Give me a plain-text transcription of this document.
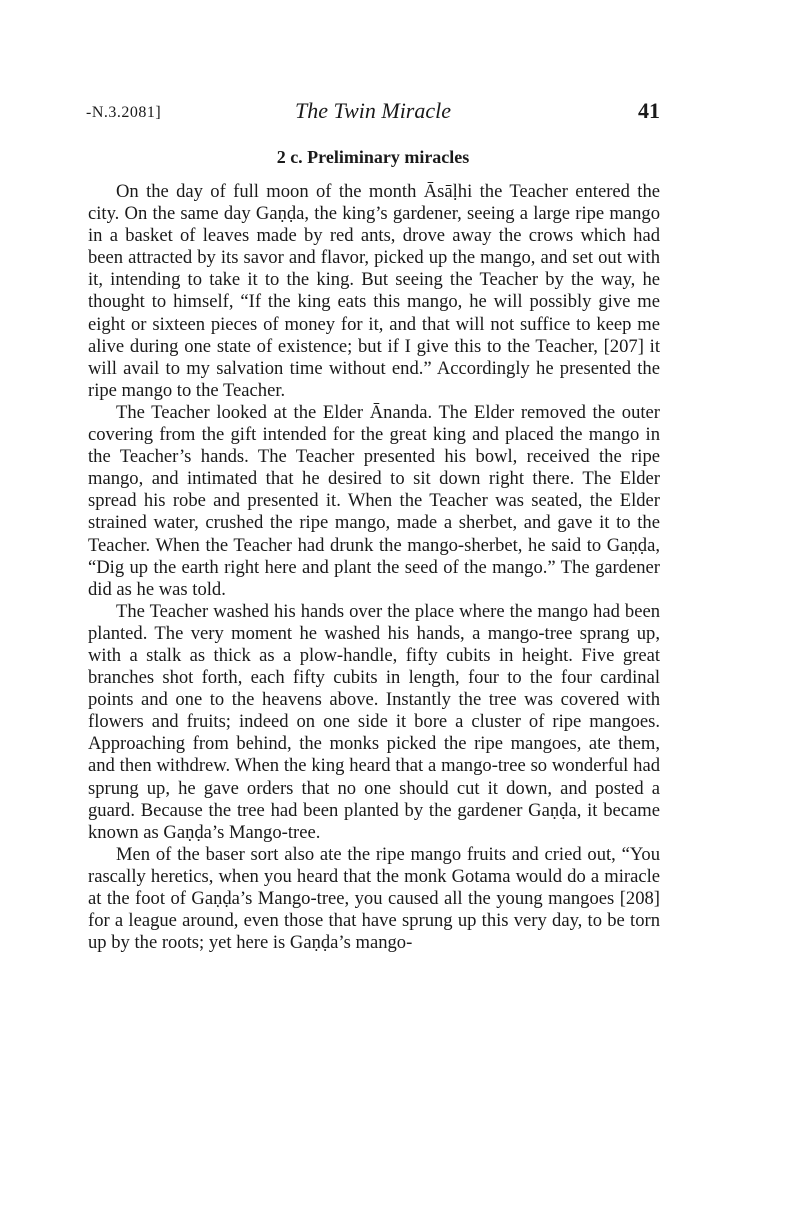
-N.3.2081]	The Twin Miracle	41
2 c. Preliminary miracles

On the day of full moon of the month Āsāḷhi the Teacher entered the city. On the same day Gaṇḍa, the king’s gardener, seeing a large ripe mango in a basket of leaves made by red ants, drove away the crows which had been attracted by its savor and flavor, picked up the mango, and set out with it, intending to take it to the king. But seeing the Teacher by the way, he thought to himself, “If the king eats this mango, he will possibly give me eight or sixteen pieces of money for it, and that will not suffice to keep me alive during one state of existence; but if I give this to the Teacher, [207] it will avail to my salvation time without end.” Accordingly he presented the ripe mango to the Teacher.

The Teacher looked at the Elder Ānanda. The Elder removed the outer covering from the gift intended for the great king and placed the mango in the Teacher’s hands. The Teacher presented his bowl, received the ripe mango, and intimated that he desired to sit down right there. The Elder spread his robe and presented it. When the Teacher was seated, the Elder strained water, crushed the ripe mango, made a sherbet, and gave it to the Teacher. When the Teacher had drunk the mango-sherbet, he said to Gaṇḍa, “Dig up the earth right here and plant the seed of the mango.” The gardener did as he was told.

The Teacher washed his hands over the place where the mango had been planted. The very moment he washed his hands, a mango-tree sprang up, with a stalk as thick as a plow-handle, fifty cubits in height. Five great branches shot forth, each fifty cubits in length, four to the four cardinal points and one to the heavens above. Instantly the tree was covered with flowers and fruits; indeed on one side it bore a cluster of ripe mangoes. Approaching from behind, the monks picked the ripe mangoes, ate them, and then withdrew. When the king heard that a mango-tree so wonderful had sprung up, he gave orders that no one should cut it down, and posted a guard. Because the tree had been planted by the gardener Gaṇḍa, it became known as Gaṇḍa’s Mango-tree.

Men of the baser sort also ate the ripe mango fruits and cried out, “You rascally heretics, when you heard that the monk Gotama would do a miracle at the foot of Gaṇḍa’s Mango-tree, you caused all the young mangoes [208] for a league around, even those that have sprung up this very day, to be torn up by the roots; yet here is Gaṇḍa’s mango-
